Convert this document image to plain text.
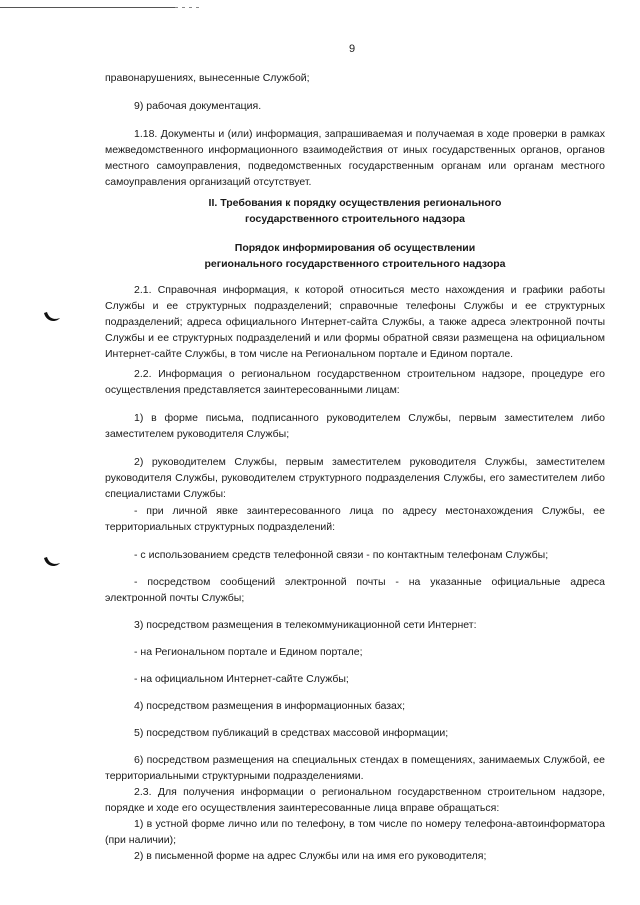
9
правонарушениях, вынесенные Службой;
9) рабочая документация.
1.18. Документы и (или) информация, запрашиваемая и получаемая в ходе проверки в рамках межведомственного информационного взаимодействия от иных государственных органов, органов местного самоуправления, подведомственных государственным органам или органам местного самоуправления организаций отсутствует.
II. Требования к порядку осуществления регионального
государственного строительного надзора
Порядок информирования об осуществлении
регионального государственного строительного надзора
2.1. Справочная информация, к которой относиться место нахождения и графики работы Службы и ее структурных подразделений; справочные телефоны Службы и ее структурных подразделений; адреса официального Интернет-сайта Службы, а также адреса электронной почты Службы и ее структурных подразделений и или формы обратной связи размещена на официальном Интернет-сайте Службы, в том числе на Региональном портале и Едином портале.
2.2. Информация о региональном государственном строительном надзоре, процедуре его осуществления представляется заинтересованными лицам:
1) в форме письма, подписанного руководителем Службы, первым заместителем либо заместителем руководителя Службы;
2) руководителем Службы, первым заместителем руководителя Службы, заместителем руководителя Службы, руководителем структурного подразделения Службы, его заместителем либо специалистами Службы:
- при личной явке заинтересованного лица по адресу местонахождения Службы, ее территориальных структурных подразделений:
- с использованием средств телефонной связи - по контактным телефонам Службы;
- посредством сообщений электронной почты - на указанные официальные адреса электронной почты Службы;
3) посредством размещения в телекоммуникационной сети Интернет:
- на Региональном портале и Едином портале;
- на официальном Интернет-сайте Службы;
4) посредством размещения в информационных базах;
5) посредством публикаций в средствах массовой информации;
6) посредством размещения на специальных стендах в помещениях, занимаемых Службой, ее территориальными структурными подразделениями.
2.3. Для получения информации о региональном государственном строительном надзоре, порядке и ходе его осуществления заинтересованные лица вправе обращаться:
1) в устной форме лично или по телефону, в том числе по номеру телефона-автоинформатора (при наличии);
2) в письменной форме на адрес Службы или на имя его руководителя;
